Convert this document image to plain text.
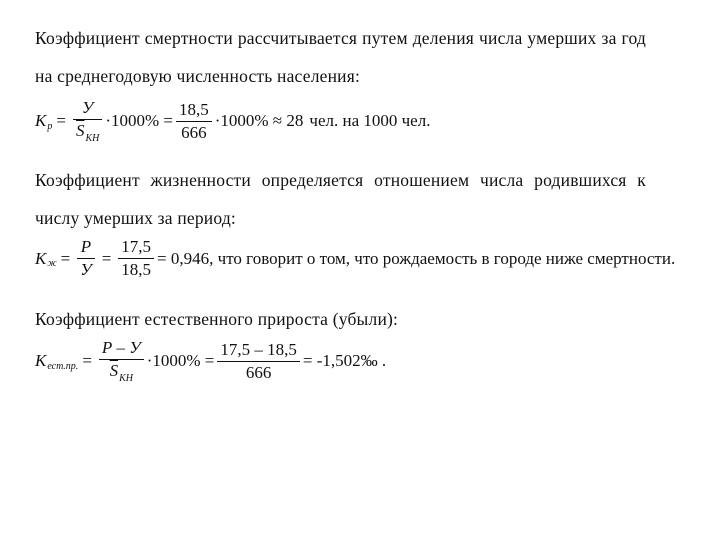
Коэффициент смертности рассчитывается путем деления числа умерших за год на среднегодовую численность населения:
K $р = \frac{У}{\overline{S}_{КН}} \cdot 1000\% = \frac{18,5}{666} \cdot 1000\% \approx 28$ чел. на 1000 чел.
Коэффициент жизненности определяется отношением числа родившихся к числу умерших за период:
K $ж = \frac{Р}{У} = \frac{17,5}{18,5} = 0,946$ , что говорит о том, что рождаемость в городе ниже смертности.
Коэффициент естественного прироста (убыли):
K есm.пр. = $\frac{Р - У}{\overline{S}_{КН}} \cdot 1000\% = \frac{17,5 - 18,5}{666}$ = -1,502‰ .
